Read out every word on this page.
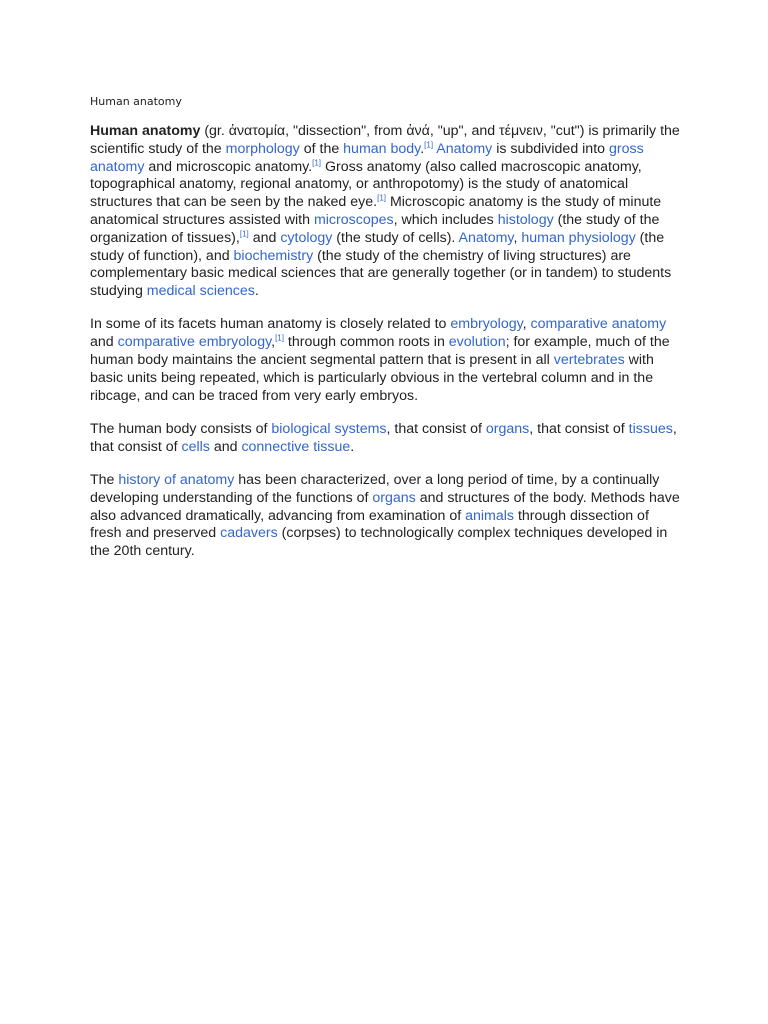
Human anatomy

Human anatomy (gr. ἀνατομία, "dissection", from ἀνά, "up", and τέμνειν, "cut") is primarily the scientific study of the morphology of the human body.[1] Anatomy is subdivided into gross anatomy and microscopic anatomy.[1] Gross anatomy (also called macroscopic anatomy, topographical anatomy, regional anatomy, or anthropotomy) is the study of anatomical structures that can be seen by the naked eye.[1] Microscopic anatomy is the study of minute anatomical structures assisted with microscopes, which includes histology (the study of the organization of tissues),[1] and cytology (the study of cells). Anatomy, human physiology (the study of function), and biochemistry (the study of the chemistry of living structures) are complementary basic medical sciences that are generally together (or in tandem) to students studying medical sciences.

In some of its facets human anatomy is closely related to embryology, comparative anatomy and comparative embryology,[1] through common roots in evolution; for example, much of the human body maintains the ancient segmental pattern that is present in all vertebrates with basic units being repeated, which is particularly obvious in the vertebral column and in the ribcage, and can be traced from very early embryos.

The human body consists of biological systems, that consist of organs, that consist of tissues, that consist of cells and connective tissue.

The history of anatomy has been characterized, over a long period of time, by a continually developing understanding of the functions of organs and structures of the body. Methods have also advanced dramatically, advancing from examination of animals through dissection of fresh and preserved cadavers (corpses) to technologically complex techniques developed in the 20th century.
